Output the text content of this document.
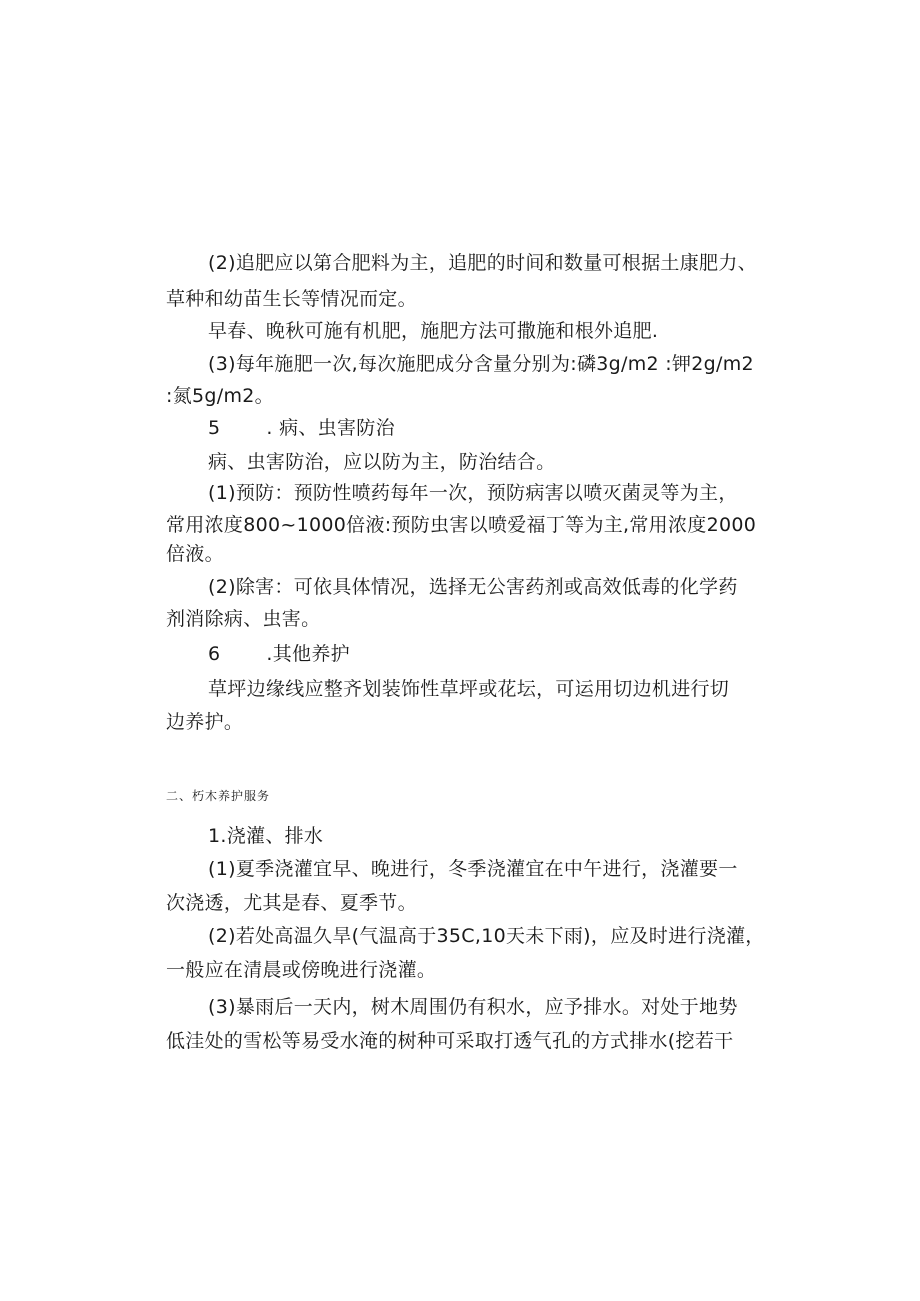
(2)追肥应以第合肥料为主，追肥的时间和数量可根据土康肥力、
草种和幼苗生长等情况而定。
早春、晚秋可施有机肥，施肥方法可撒施和根外追肥.
(3)每年施肥一次,每次施肥成分含量分别为:磷3g/m2 :钾2g/m2
:氮5g/m2。
5 . 病、虫害防治
病、虫害防治，应以防为主，防治结合。
(1)预防：预防性喷药每年一次，预防病害以喷灭菌灵等为主，
常用浓度800~1000倍液:预防虫害以喷爱福丁等为主,常用浓度2000
倍液。
(2)除害：可依具体情况，选择无公害药剂或高效低毒的化学药
剂消除病、虫害。
6 .其他养护
草坪边缘线应整齐划装饰性草坪或花坛，可运用切边机进行切
边养护。
二、朽木养护服务
1.浇灌、排水
(1)夏季浇灌宜早、晚进行，冬季浇灌宜在中午进行，浇灌要一
次浇透，尤其是春、夏季节。
(2)若处高温久旱(气温高于35C,10天未下雨)，应及时进行浇灌，
一般应在清晨或傍晚进行浇灌。
(3)暴雨后一天内，树木周围仍有积水，应予排水。对处于地势
低洼处的雪松等易受水淹的树种可采取打透气孔的方式排水(挖若干
